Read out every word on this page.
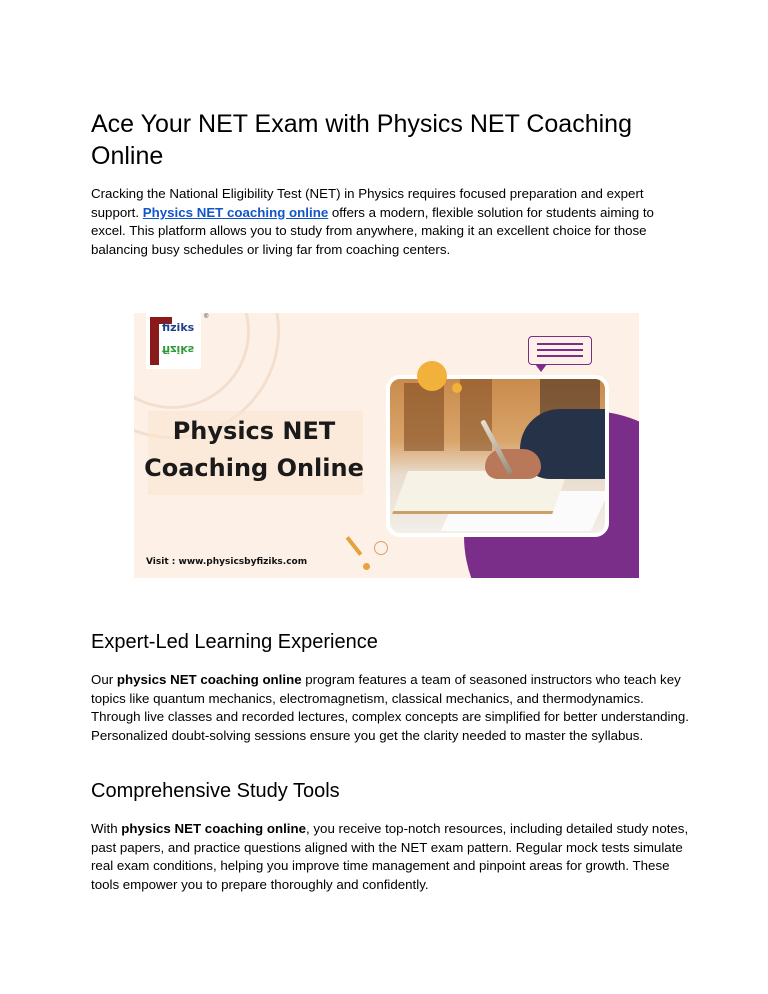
Ace Your NET Exam with Physics NET Coaching Online

Cracking the National Eligibility Test (NET) in Physics requires focused preparation and expert support. Physics NET coaching online offers a modern, flexible solution for students aiming to excel. This platform allows you to study from anywhere, making it an excellent choice for those balancing busy schedules or living far from coaching centers.

fiziks
fiziks
®
Physics NET
Coaching Online
Visit : www.physicsbyfiziks.com
Expert-Led Learning Experience

Our physics NET coaching online program features a team of seasoned instructors who teach key topics like quantum mechanics, electromagnetism, classical mechanics, and thermodynamics. Through live classes and recorded lectures, complex concepts are simplified for better understanding. Personalized doubt-solving sessions ensure you get the clarity needed to master the syllabus.

Comprehensive Study Tools

With physics NET coaching online, you receive top-notch resources, including detailed study notes, past papers, and practice questions aligned with the NET exam pattern. Regular mock tests simulate real exam conditions, helping you improve time management and pinpoint areas for growth. These tools empower you to prepare thoroughly and confidently.
